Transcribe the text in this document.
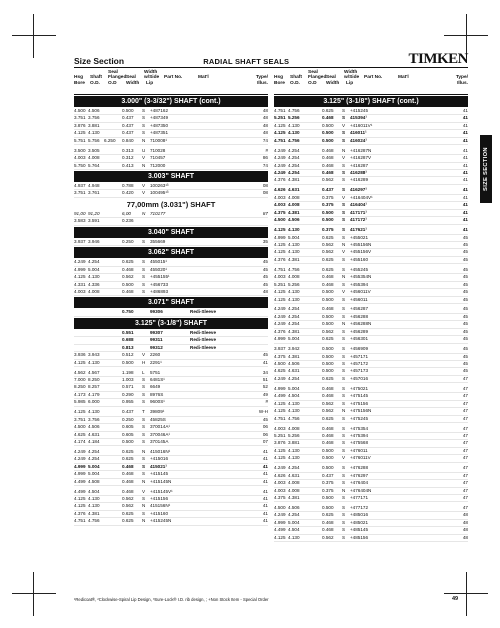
Size Section	RADIAL SHAFT SEALS	TIMKEN
Hsg
Bore
Shaft
O.D.
Seal
Flanged
O.D
Seal
Width
Width
w/Side
Lip
Part No.	Mat'l	Type/
Illus.
3.000" (3-3/32") SHAFT (cont.)
4.500 4.506	0.500	S	+487162	48
3.751 3.756	0.437	S	+487349	48
3.876 3.881	0.437	S	+487350	48
4.125 4.130	0.437	S	+487351	48
5.751 5.756 6.250	0.840	N	710008¹	74
3.500 3.505	0.313	U	710028	#
4.003 4.008	0.312	V	710457	86
5.750 5.764	0.413	N	712000	74
3.003" SHAFT
4.937 4.948	0.788	V	100263¹³	08
3.751 3.761	0.420	V	100495¹³	08
77,00mm (3.031") SHAFT
91,00 91,20	6,00	N	710177	87
3.583 3.591	0.236
3.040" SHAFT
3.937 3.946	0.250	S	355669	35
3.062" SHAFT
4.249 4.254	0.625	S	455015¹	45
4.999 5.004	0.468	S	455020¹	45
4.125 4.130	0.562	S	+455155¹	45
4.331 4.336	0.500	S	+456733	45
4.003 4.008	0.468	S	+486893	48
3.071" SHAFT
0.750	99306	Redi-Sleeve
3.125" (3-1/8") SHAFT
0.551	99307	Redi-Sleeve
0.688	99311	Redi-Sleeve
0.813	99312	Redi-Sleeve
3.936 3.943	0.512	V	2260	45
4.125 4.130	0.500	H	2291¹	41
4.562 4.567	1.198	L	5751	34
7.000 8.250	1.003	S	6481S¹	51
8.250 8.257	0.571	S	6649	52
4.173 4.179	0.290	S	8976S	49
5.985 6.000	0.955	S	9600S¹	#
4.125 4.130	0.437	T	39809¹	W-H
3.751 3.756	0.250	S	45825S	45
4.500 4.506	0.605	S	370014A¹	06
4.625 4.631	0.605	S	370046A¹	06
4.174 4.184	0.500	S	370145A	07
4.249 4.254	0.625	N	415016N¹	41
4.249 4.254	0.625	S	+415016	41
4.999 5.004	0.468	S	415021¹	41
4.999 5.004	0.468	S	+415145	41
4.499 4.508	0.468	N	+415145N	41
4.499 4.504	0.468	V	+415145V¹	41
4.125 4.130	0.562	S	+415156	41
4.125 4.130	0.562	N	415156N¹	41
4.376 4.381	0.625	S	+415160	41
4.751 4.756	0.625	N	+415245N	41
Hsg
Bore
Shaft
O.D.
Seal
Flanged
O.D
Seal
Width
Width
w/Side
Lip
Part No.	Mat'l	Type/
Illus.
3.125" (3-1/8") SHAFT (cont.)
4.751 4.756	0.625	S	+415245	41
5.251 5.256	0.468	S	415394¹	41
4.125 4.130	0.500	V	+416011V¹	41
4.125 4.130	0.500	S	416011¹	41
4.751 4.756	0.500	S	416024¹	41
4.249 4.254	0.468	N	+416287N	41
4.249 4.254	0.468	V	+416287V	41
4.249 4.254	0.468	S	+416287	41
4.249 4.254	0.468	S	416288¹	41
4.376 4.381	0.562	S	+416289	41
4.626 4.631	0.437	S	416297¹	41
4.003 4.008	0.375	V	+416404V¹	41
4.003 4.008	0.375	S	416404¹	41
4.375 4.381	0.500	S	417171¹	41
4.500 4.506	0.500	S	417172¹	41
4.125 4.130	0.375	S	417621¹	41
4.999 5.004	0.625	S	+455021	45
4.125 4.130	0.562	N	+455156N	45
4.125 4.130	0.562	V	+455156V	45
4.376 4.381	0.625	S	+455160	45
4.751 4.756	0.625	S	+455245	45
4.003 4.008	0.468	N	+455354N	45
5.251 5.256	0.468	S	+455394	45
4.125 4.130	0.500	V	+456011V	45
4.125 4.130	0.500	S	+456011	45
4.249 4.254	0.468	S	+456287	45
4.249 4.254	0.500	S	+456288	45
4.249 4.254	0.500	N	+456288N	45
4.376 4.381	0.562	S	+456289	45
4.999 5.004	0.625	S	+456301	45
3.937 3.942	0.500	S	+456909	45
4.375 4.381	0.500	S	+457171	45
4.500 4.506	0.500	S	+457172	45
4.625 4.631	0.500	S	+457173	45
4.249 4.254	0.625	S	+457016	47
4.999 5.004	0.468	S	+475021	47
4.499 4.504	0.468	S	+475145	47
4.125 4.130	0.562	S	+475156	47
4.125 4.130	0.562	N	+475156N	47
4.751 4.756	0.625	S	+475245	47
4.003 4.008	0.468	S	+475354	47
5.251 5.256	0.468	S	+475394	47
3.876 3.881	0.468	S	+475568	47
4.125 4.130	0.500	S	+476011	47
4.125 4.130	0.500	V	+476011V	47
4.249 4.254	0.500	S	+476288	47
4.626 4.631	0.437	S	+476297	47
4.003 4.008	0.375	S	+476404	47
4.003 4.008	0.375	N	+476404N	47
4.375 4.381	0.500	S	+477171	47
4.500 4.506	0.500	S	+477172	47
4.249 4.254	0.625	S	+485016	48
4.999 5.004	0.468	S	+485021	48
4.499 4.504	0.468	S	+485145	48
4.125 4.130	0.562	S	+485156	48
SIZE SECTION
¹Redicoat®, ²Clockwise-Spiral Lip Design, ³Sure-Lock® I.D. rib design, ; +Non Stock Item - Special Order	49
